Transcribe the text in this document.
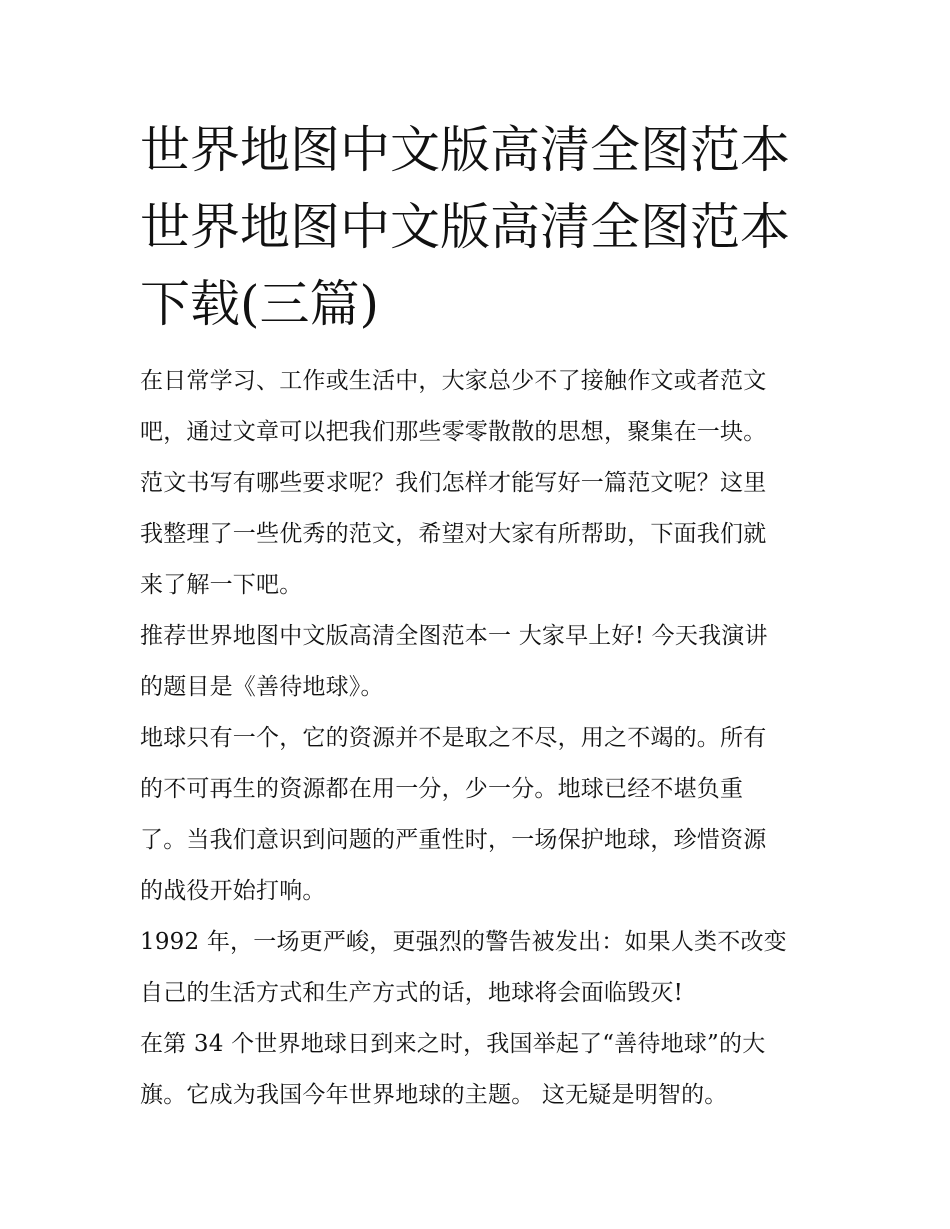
世界地图中文版高清全图范本
世界地图中文版高清全图范本
下载(三篇)

在日常学习、工作或生活中，大家总少不了接触作文或者范文
吧，通过文章可以把我们那些零零散散的思想，聚集在一块。
范文书写有哪些要求呢？我们怎样才能写好一篇范文呢？这里
我整理了一些优秀的范文，希望对大家有所帮助，下面我们就
来了解一下吧。

推荐世界地图中文版高清全图范本一 大家早上好! 今天我演讲
的题目是《善待地球》。

地球只有一个，它的资源并不是取之不尽，用之不竭的。所有
的不可再生的资源都在用一分，少一分。地球已经不堪负重
了。当我们意识到问题的严重性时，一场保护地球，珍惜资源
的战役开始打响。

1992 年，一场更严峻，更强烈的警告被发出：如果人类不改变
自己的生活方式和生产方式的话，地球将会面临毁灭!

在第 34 个世界地球日到来之时，我国举起了“善待地球”的大
旗。它成为我国今年世界地球的主题。 这无疑是明智的。
